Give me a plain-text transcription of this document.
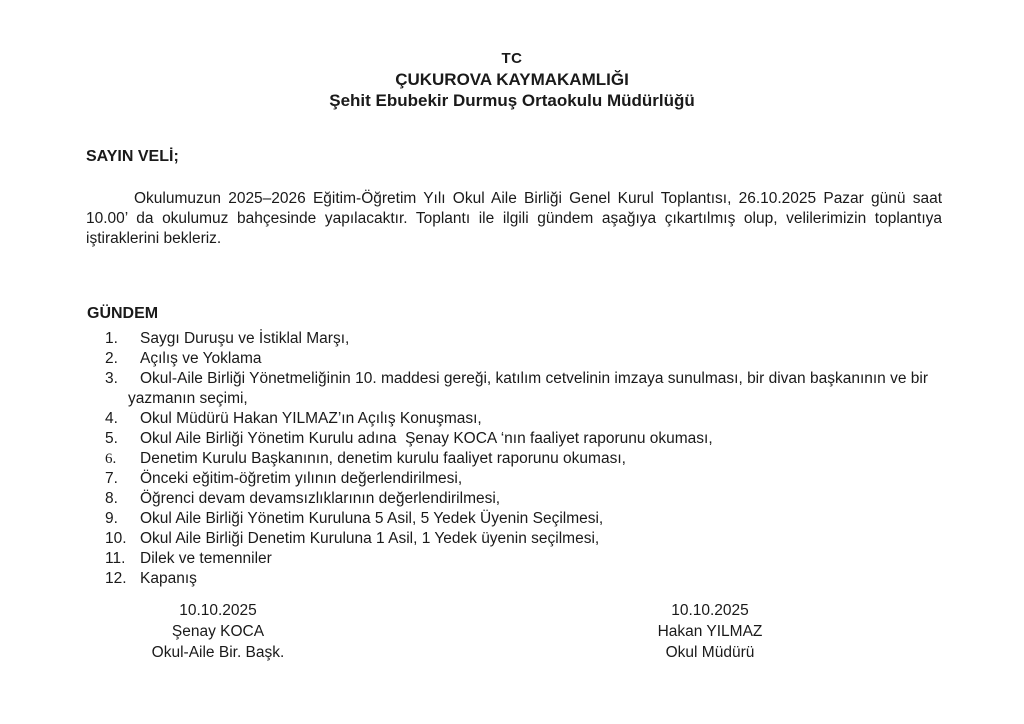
TC
ÇUKUROVA KAYMAKAMLIĞI
Şehit Ebubekir Durmuş Ortaokulu Müdürlüğü
SAYIN VELİ;
Okulumuzun 2025–2026 Eğitim-Öğretim Yılı Okul Aile Birliği Genel Kurul Toplantısı, 26.10.2025 Pazar günü saat 10.00’ da okulumuz bahçesinde yapılacaktır. Toplantı ile ilgili gündem aşağıya çıkartılmış olup, velilerimizin toplantıya iştiraklerini bekleriz.
GÜNDEM
1.	Saygı Duruşu ve İstiklal Marşı,
2.	Açılış ve Yoklama
3.	Okul-Aile Birliği Yönetmeliğinin 10. maddesi gereği, katılım cetvelinin imzaya sunulması, bir divan başkanının ve bir yazmanın seçimi,
4.	Okul Müdürü Hakan YILMAZ’ın Açılış Konuşması,
5.	Okul Aile Birliği Yönetim Kurulu adına  Şenay KOCA ‘nın faaliyet raporunu okuması,
6.	Denetim Kurulu Başkanının, denetim kurulu faaliyet raporunu okuması,
7.	Önceki eğitim-öğretim yılının değerlendirilmesi,
8.	Öğrenci devam devamsızlıklarının değerlendirilmesi,
9.	Okul Aile Birliği Yönetim Kuruluna 5 Asil, 5 Yedek Üyenin Seçilmesi,
10. Okul Aile Birliği Denetim Kuruluna 1 Asil, 1 Yedek üyenin seçilmesi,
11. Dilek ve temenniler
12. Kapanış
10.10.2025
Şenay KOCA
Okul-Aile Bir. Başk.
10.10.2025
Hakan YILMAZ
Okul Müdürü
